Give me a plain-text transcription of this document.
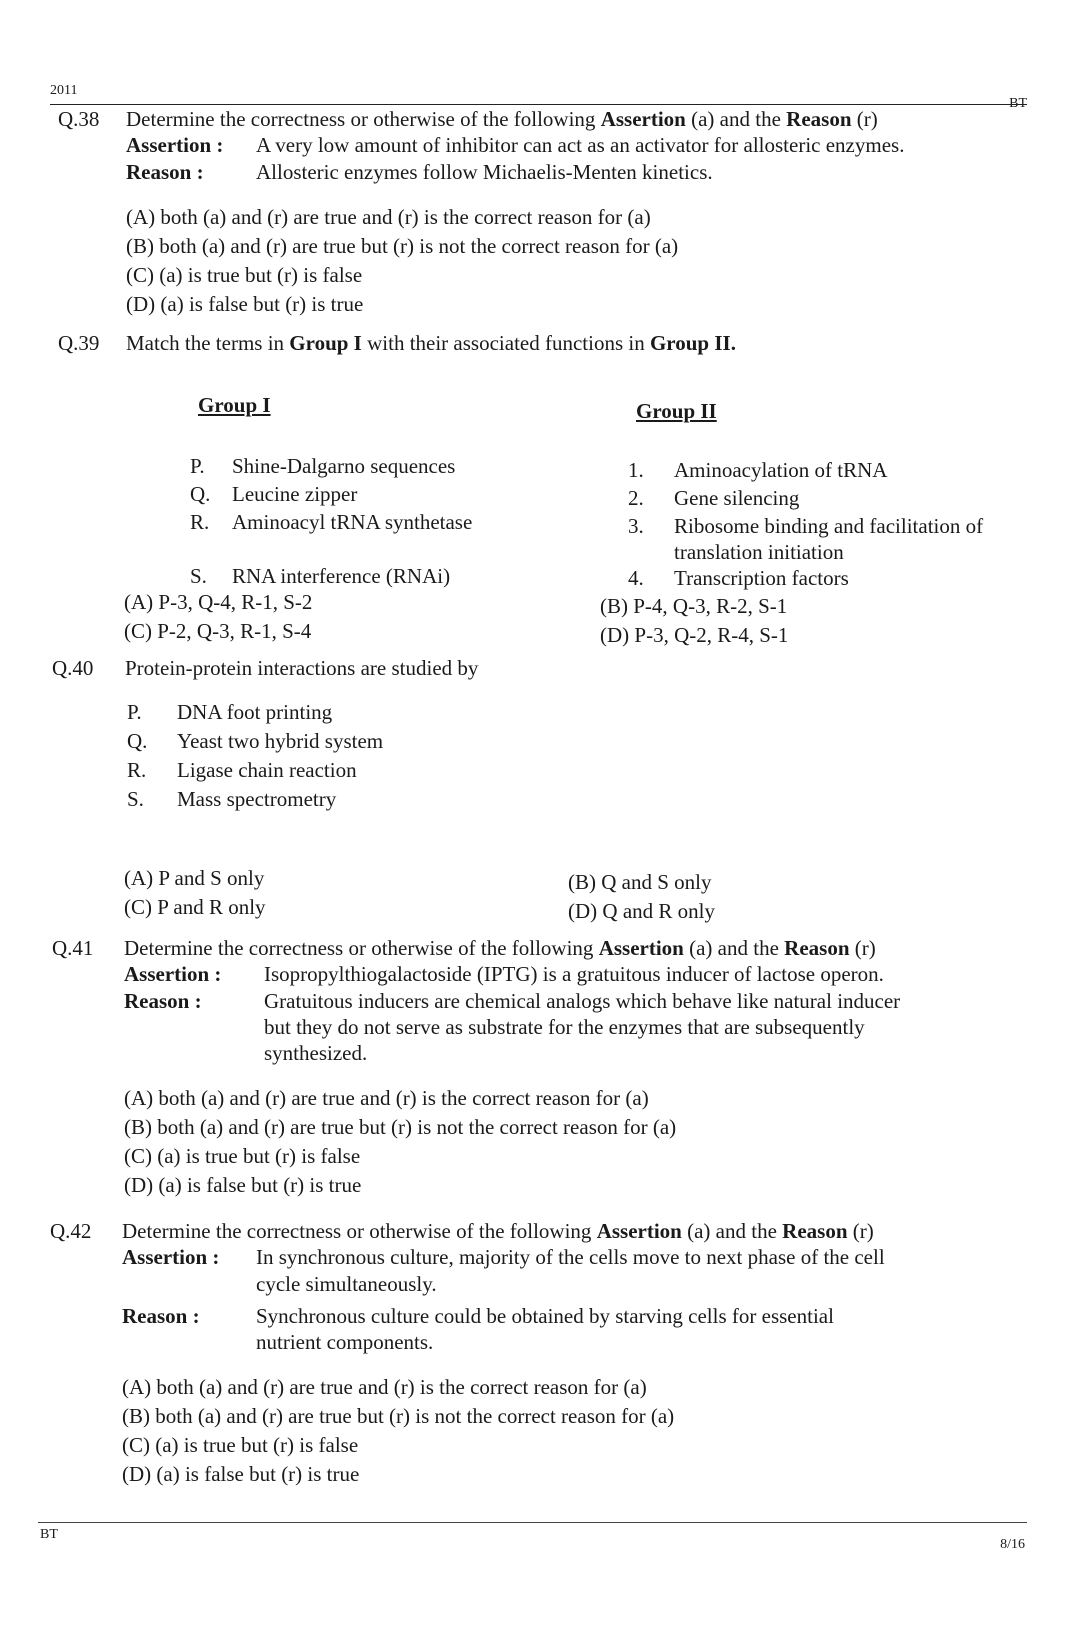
2011
BT
Q.38 Determine the correctness or otherwise of the following Assertion (a) and the Reason (r)
Assertion : A very low amount of inhibitor can act as an activator for allosteric enzymes.
Reason : Allosteric enzymes follow Michaelis-Menten kinetics.
(A) both (a) and (r) are true and (r) is the correct reason for (a)
(B) both (a) and (r) are true but (r) is not the correct reason for (a)
(C) (a) is true but (r) is false
(D) (a) is false but (r) is true
Q.39 Match the terms in Group I with their associated functions in Group II.
Group I	Group II
P.	Shine-Dalgarno sequences
Q.	Leucine zipper
R.	Aminoacyl tRNA synthetase
S.	RNA interference (RNAi)
1.	Aminoacylation of tRNA
2.	Gene silencing
3.	Ribosome binding and facilitation of
translation initiation
4.	Transcription factors
(A) P-3, Q-4, R-1, S-2
(C) P-2, Q-3, R-1, S-4
(B) P-4, Q-3, R-2, S-1
(D) P-3, Q-2, R-4, S-1
Q.40 Protein-protein interactions are studied by
P. DNA foot printing
Q. Yeast two hybrid system
R. Ligase chain reaction
S. Mass spectrometry
(A) P and S only
(C) P and R only
(B) Q and S only
(D) Q and R only
Q.41 Determine the correctness or otherwise of the following Assertion (a) and the Reason (r)
Assertion : Isopropylthiogalactoside (IPTG) is a gratuitous inducer of lactose operon.
Reason :	Gratuitous inducers are chemical analogs which behave like natural inducer
but they do not serve as substrate for the enzymes that are subsequently
synthesized.
(A) both (a) and (r) are true and (r) is the correct reason for (a)
(B) both (a) and (r) are true but (r) is not the correct reason for (a)
(C) (a) is true but (r) is false
(D) (a) is false but (r) is true
Q.42 Determine the correctness or otherwise of the following Assertion (a) and the Reason (r)
Assertion : In synchronous culture, majority of the cells move to next phase of the cell
cycle simultaneously.
Reason :	Synchronous culture could be obtained by starving cells for essential
nutrient components.
(A) both (a) and (r) are true and (r) is the correct reason for (a)
(B) both (a) and (r) are true but (r) is not the correct reason for (a)
(C) (a) is true but (r) is false
(D) (a) is false but (r) is true
BT
8/16
